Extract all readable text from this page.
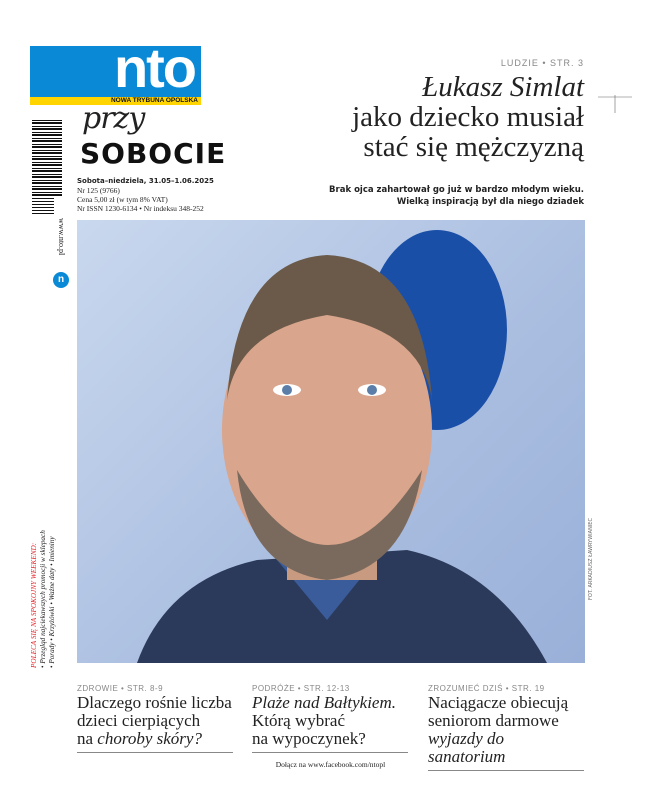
nto
NOWA TRYBUNA OPOLSKA
przy
SOBOCIE
Sobota–niedziela, 31.05–1.06.2025
Nr 125 (9766)
Cena 5,00 zł (w tym 8% VAT)
Nr ISSN 1230-6134 • Nr indeksu 348-252
www.nto.pl
n
LUDZIE • STR. 3
Łukasz Simlat
jako dziecko musiał
stać się mężczyzną
Brak ojca zahartował go już w bardzo młodym wieku.
Wielką inspiracją był dla niego dziadek
FOT. ARKADIUSZ ŁAWRYWIANIEC
POLECA SIĘ NA SPOKOJNY WEEKEND: • Przegląd najciekawszych promocji w sklepach • Porady • Krzyżówki • Ważne daty • Imieniny
ZDROWIE • STR. 8-9
Dlaczego rośnie liczba
dzieci cierpiących
na choroby skóry?
PODRÓŻE • STR. 12-13
Plaże nad Bałtykiem.
Którą wybrać
na wypoczynek?
ZROZUMIEĆ DZIŚ • STR. 19
Naciągacze obiecują
seniorom darmowe
wyjazdy do sanatorium
Dołącz na www.facebook.com/ntopl
